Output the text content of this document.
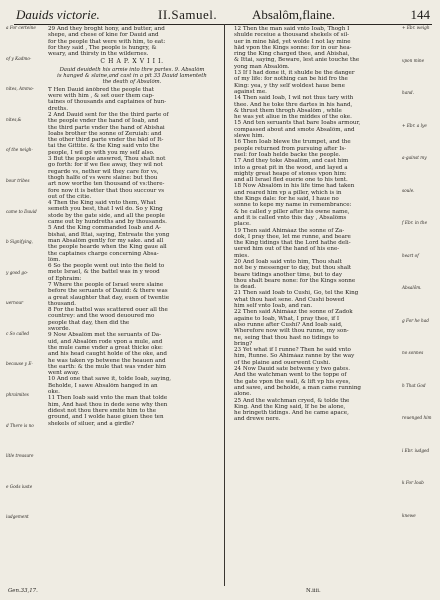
Dauids victorie.	II.Samuel.	Absalôm,flaine.	144
a For certeine
of y Kadmo-
nites, Ammo-
nites,&
of the neigh-
bour tribes
came to Dauid
b Signifying,
y good go-
uernour
c So called
because y E-
phraimites
d There is no
litle treasure
e Gods iuste
iudgement
29 And they broght hony, and butter, and
shepe, and chese of kine for Dauid and
for the people that were with him, to eat:
for they said , The people is hungry, &
weary, and thirsty in the wildernes.
C H A P. X V I I I.
Dauid deuideth his armie into thre partes. 9. Absalôm
is hanged & slaine,and cast in a pit 33 Dauid lamenteth
the death of Absalôm.
T Hen Dauid ânôbred the people that
were with him , & set ouer them cap-
taines of thousands and captaines of hun-
dreths.
2 And Dauid sent for the the third parte of
the people vnder the hand of Ioab, and
the third parte vnder the hand of Abishai
Ioabs brother the sonne of Zeruiah: and
the other third parte vnder the hād of It-
tai the Gittite. & the King said vnto the
people, I wil go with you my self also.
3 But the people answred, Thou shalt not
go forth: for if we flee away, they wil not
regarde vs, nether wil they care for vs,
thogh halfe of vs were slaine: but thou
art now worthe ten thousand of vs:there-
fore now it is better that thou succour vs
out of the citie.
4 Then the King said vnto them, What
semeth you best, that I wil do. So y King
stode by the gate side, and all the people
came out by hundreths and by thousands.
5 And the King commanded Ioab and A-
bishai, and Ittai, saying, Entreate the yong
man Absalôm gently for my sake. and all
the people hearde when the King gaue all
the captaines charge concerning Absa-
lôm.
6 So the people went out into the field to
mete Israel, & the battel was in y wood
of Ephraim:
7 Where the people of Israel were slaine
before the seruants of Dauid: & there was
a great slaughter that day, euen of twentie
thousand.
8 For the battel was scattered ouer all the
countrey: and the wood deuoured mo
people that day, then did the
sworde.
9 Now Absalôm met the seruants of Da-
uid, and Absalôm rode vpon a mule, and
the mule came vnder a great thicke oke:
and his head caught holde of the oke, and
he was taken vp betwene the heauen and
the earth: & the mule that was vnder him
went away.
10 And one that sawe it, tolde Ioab, saying,
Beholde, I sawe Absalôm hanged in an
oke.
11 Then Ioab said vnto the man that tolde
him, And hast thou in dede sene why then
didest not thou there smite him to the
ground, and I wolde haue giuen thee ten
shekels of siluer, and a girdle?
12 Then the man said vnto Ioab, Thogh I
shulde receiue a thousand shekels of sil-
uer in mine hād, yet wolde I not lay mine
hād vpon the Kings sonne: for in our hea-
ring the King charged thee, and Abishai,
& Ittai, saying, Beware, lest anie touche the
yong man Absalôm.
13 If I had done it, it shulde be the danger
of my life: for nothing can be hid fro the
King: yea, y thy self woldest haue bene
against me.
14 Then said Ioab, I wil not thus tary with
thee. And he toke thre dartes in his hand,
& thrust them throgh Absalôm , while
he was yet aliue in the middes of the oke.
15 And ten seruants that bare Ioabs armour,
compassed about and smote Absalôm, and
slewe him.
16 Then Ioab blewe the trumpet, and the
people returned from pursuing after Is-
rael: for Ioab helde backe the people.
17 And they toke Absalôm, and cast him
into a great pit in the wood, and layed a
mighty great heape of stones vpon him:
and all Israel fled euerie one to his tent.
18 Now Absalôm in his life time had taken
and reared him vp a piller, which is in
the Kings dale: for he said, I haue no
sonne to kepe my name in remembrance:
& he called y piller after his owne name,
and it is called vnto this day , Absalôms
place.
19 Then said Ahimáaz the sonne of Za-
dok, I pray thee, let me runne, and beare
the King tidings that the Lord hathe deli-
uered him out of the hand of his ene-
mies.
20 And Ioab said vnto him, Thou shalt
not be y messenger to day, but thou shalt
beare tidings another time, but to day
thou shalt beare none: for the Kings sonne
is dead.
21 Then said Ioab to Cushi, Go, tel the King
what thou hast sene. And Cushi bowed
him self vnto Ioab, and ran.
22 Then said Ahimáaz the sonne of Zadok
againe to Ioab, What, I pray thee, if I
also runne after Cushi? And Ioab said,
Wherefore now wilt thou runne, my son-
ne, seing that thou hast no tidings to
bring?
23 Yet what if I runne? Then he said vnto
him, Runne. So Ahimáaz ranne by the way
of the plaine and ouerwent Cushi.
24 Now Dauid sate betwene y two gates.
And the watchman went to the toppe of
the gate vpon the wall, & lift vp his eyes,
and sawe, and beholde, a man came running
alone.
25 And the watchman cryed, & tolde the
King. And the King said, If he be alone,
he bringeth tidings. And he came apace,
and drewe nere.
+ Ebr. weigh
vpon mine
hand.
+ Ebr. a lye
a-gainst my
soule.
f Ebr. in the
heart of
Absalôm.
g For he had
no sonnes
h That God
reuenged him
i Ebr. iudged
k For Ioab
knewe
Gen.33,17.	N.iiii.
